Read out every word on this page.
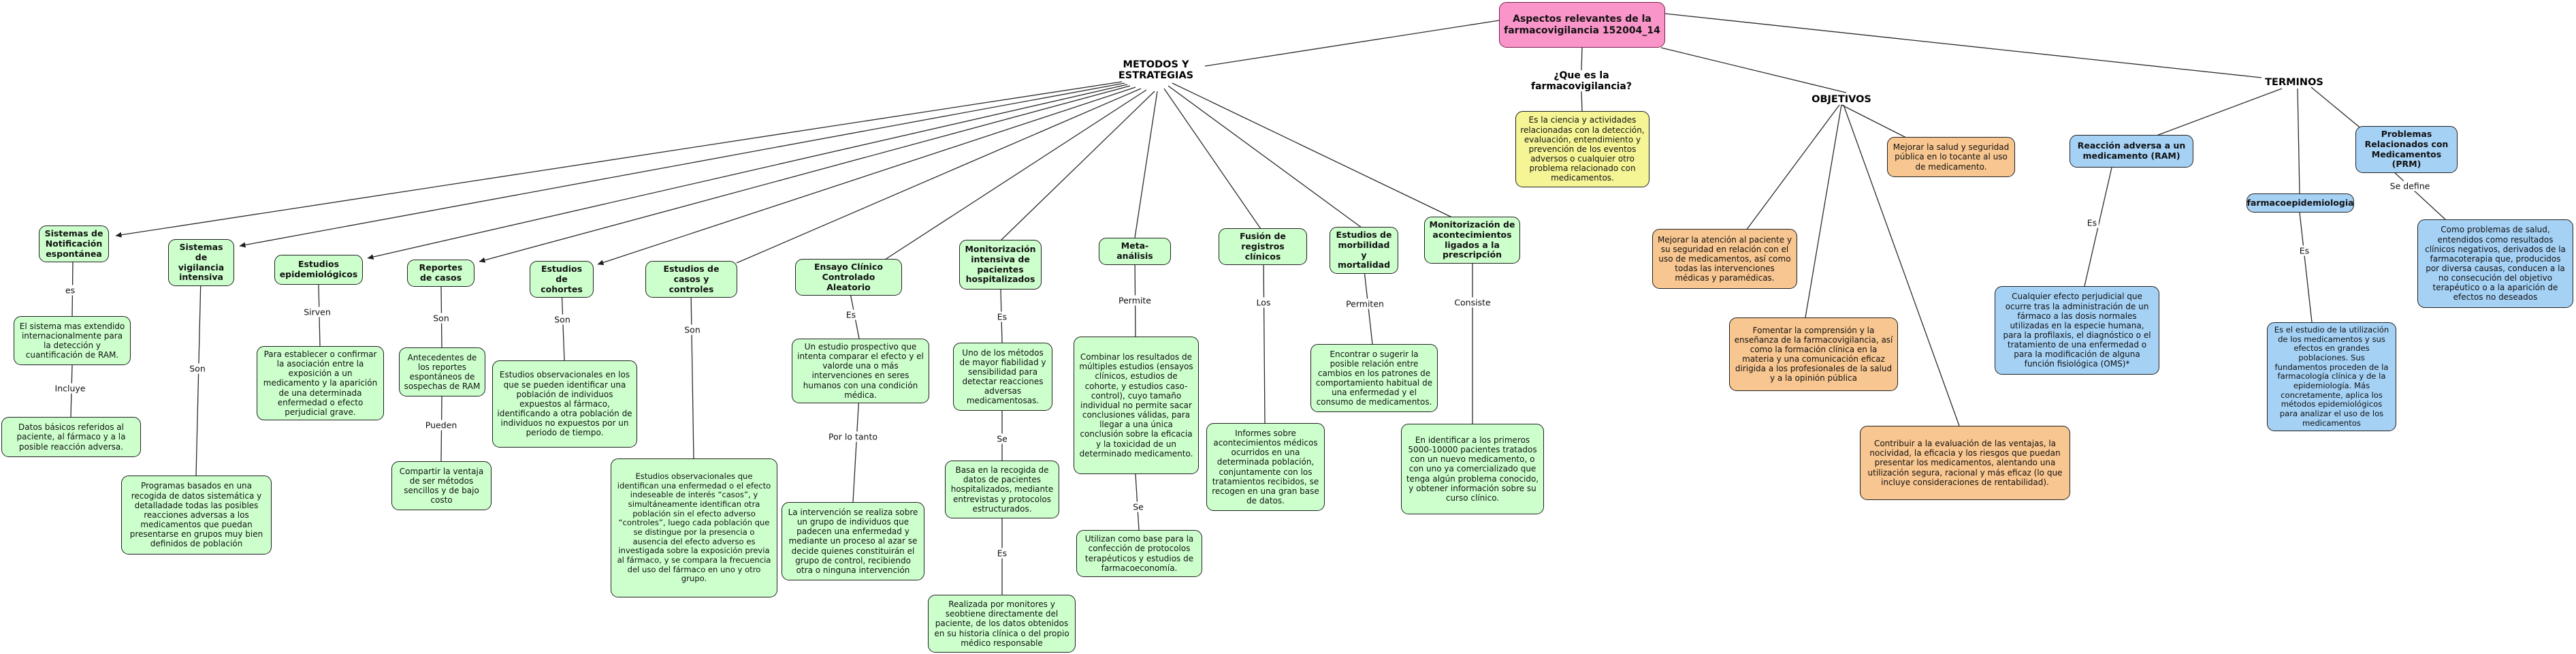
Aspectos relevantes de la farmacovigilancia 152004_14
METODOS Y ESTRATEGIAS	¿Que es la farmacovigilancia?
OBJETIVOS
TERMINOS
Es la ciencia y actividades relacionadas con la detección, evaluación, entendimiento y prevención de los eventos adversos o cualquier otro problema relacionado con medicamentos.
Sistemas de Notificación espontánea
El sistema mas extendido internacionalmente para la detección y cuantificación de RAM.
Datos básicos referidos al paciente, al fármaco y a la posible reacción adversa.
Sistemas de vigilancia intensiva
Programas basados en una recogida de datos sistemática y detalladade todas las posibles reacciones adversas a los medicamentos que puedan presentarse en grupos muy bien definidos de población
Estudios epidemiológicos
Para establecer o confirmar la asociación entre la exposición a un medicamento y la aparición de una determinada enfermedad o efecto perjudicial grave.
Reportes de casos
Antecedentes de los reportes espontáneos de sospechas de RAM
Compartir la ventaja de ser métodos sencillos y de bajo costo
Estudios de cohortes
Estudios observacionales en los que se pueden identificar una población de individuos expuestos al fármaco, identificando a otra población de individuos no expuestos por un periodo de tiempo.
Estudios de casos y controles
Estudios observacionales que identifican una enfermedad o el efecto indeseable de interés “casos”, y simultáneamente identifican otra población sin el efecto adverso “controles”, luego cada población que se distingue por la presencia o ausencia del efecto adverso es investigada sobre la exposición previa al fármaco, y se compara la frecuencia del uso del fármaco en uno y otro grupo.
Ensayo Clínico Controlado Aleatorio
Un estudio prospectivo que intenta comparar el efecto y el valorde una o más intervenciones en seres humanos con una condición médica.
La intervención se realiza sobre un grupo de individuos que padecen una enfermedad y mediante un proceso al azar se decide quienes constituirán el grupo de control, recibiendo otra o ninguna intervención
Monitorización intensiva de pacientes hospitalizados
Uno de los métodos de mayor fiabilidad y sensibilidad para detectar reacciones adversas medicamentosas.
Basa en la recogida de datos de pacientes hospitalizados, mediante entrevistas y protocolos estructurados.
Realizada por monitores y seobtiene directamente del paciente, de los datos obtenidos en su historia clínica o del propio médico responsable
Meta-análisis
Combinar los resultados de múltiples estudios (ensayos clínicos, estudios de cohorte, y estudios caso-control), cuyo tamaño individual no permite sacar conclusiones válidas, para llegar a una única conclusión sobre la eficacia y la toxicidad de un determinado medicamento.
Utilizan como base para la confección de protocolos terapéuticos y estudios de farmacoeconomía.
Fusión de registros clínicos
Informes sobre acontecimientos médicos ocurridos en una determinada población, conjuntamente con los tratamientos recibidos, se recogen en una gran base de datos.
Estudios de morbilidad y mortalidad
Encontrar o sugerir la posible relación entre cambios en los patrones de comportamiento habitual de una enfermedad y el consumo de medicamentos.
Monitorización de acontecimientos ligados a la prescripción
En identificar a los primeros 5000-10000 pacientes tratados con un nuevo medicamento, o con uno ya comercializado que tenga algún problema conocido, y obtener información sobre su curso clínico.
Mejorar la salud y seguridad pública en lo tocante al uso de medicamento.
Mejorar la atención al paciente y su seguridad en relación con el uso de medicamentos, así como todas las intervenciones médicas y paramédicas.
Fomentar la comprensión y la enseñanza de la farmacovigilancia, así como la formación clínica en la materia y una comunicación eficaz dirigida a los profesionales de la salud y a la opinión pública
Contribuir a la evaluación de las ventajas, la nocividad, la eficacia y los riesgos que puedan presentar los medicamentos, alentando una utilización segura, racional y más eficaz (lo que incluye consideraciones de rentabilidad).
Reacción adversa a un medicamento (RAM)
Cualquier efecto perjudicial que ocurre tras la administración de un fármaco a las dosis normales utilizadas en la especie humana, para la profilaxis, el diagnóstico o el tratamiento de una enfermedad o para la modificación de alguna función fisiológica (OMS)*
farmacoepidemiologia
Es el estudio de la utilización de los medicamentos y sus efectos en grandes poblaciones. Sus fundamentos proceden de la farmacología clínica y de la epidemiología. Más concretamente, aplica los métodos epidemiológicos para analizar el uso de los medicamentos
Problemas Relacionados con Medicamentos (PRM)
Como problemas de salud, entendidos como resultados clínicos negativos, derivados de la farmacoterapia que, producidos por diversa causas, conducen a la no consecución del objetivo terapéutico o a la aparición de efectos no deseados
es
Incluye
Son
Sirven
Son
Pueden
Son
Son
Es
Por lo tanto
Es
Se
Es
Permite
Se
Los	Permiten	Consiste
Es
Es
Se define
